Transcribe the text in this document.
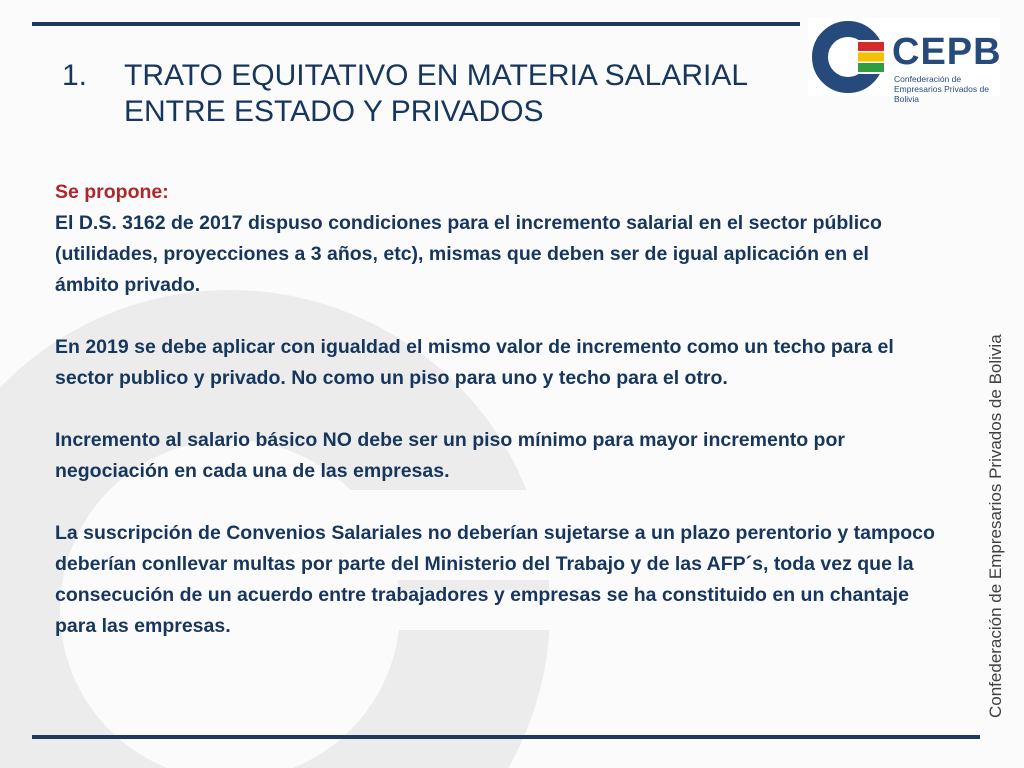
CEPB
Confederación de Empresarios Privados de Bolivia
1. TRATO EQUITATIVO EN MATERIA SALARIAL ENTRE ESTADO Y PRIVADOS
Se propone:

El D.S. 3162 de 2017 dispuso condiciones para el incremento salarial en el sector público (utilidades, proyecciones a 3 años, etc), mismas que deben ser de igual aplicación en el ámbito privado.

En 2019 se debe aplicar con igualdad el mismo valor de incremento como un techo para el sector publico y privado. No como un piso para uno y techo para el otro.

Incremento al salario básico NO debe ser un piso mínimo para mayor incremento por negociación en cada una de las empresas.

La suscripción de Convenios Salariales no deberían sujetarse a un plazo perentorio y tampoco deberían conllevar multas por parte del Ministerio del Trabajo y de las AFP´s, toda vez que la consecución de un acuerdo entre trabajadores y empresas se ha constituido en un chantaje para las empresas.	Confederación de Empresarios Privados de Bolivia
